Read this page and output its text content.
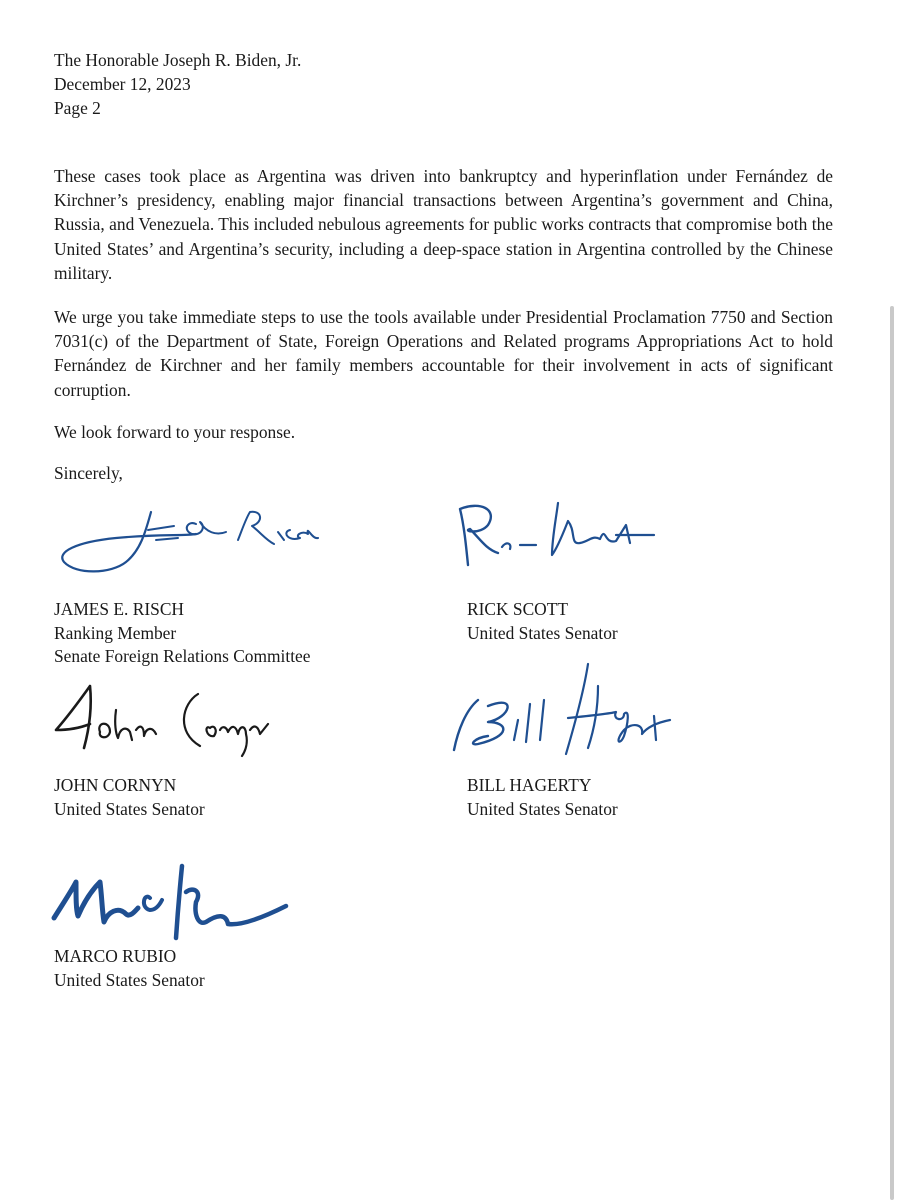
The Honorable Joseph R. Biden, Jr.
December 12, 2023
Page 2

These cases took place as Argentina was driven into bankruptcy and hyperinflation under Fernández de Kirchner’s presidency, enabling major financial transactions between Argentina’s government and China, Russia, and Venezuela. This included nebulous agreements for public works contracts that compromise both the United States’ and Argentina’s security, including a deep-space station in Argentina controlled by the Chinese military.

We urge you take immediate steps to use the tools available under Presidential Proclamation 7750 and Section 7031(c) of the Department of State, Foreign Operations and Related programs Appropriations Act to hold Fernández de Kirchner and her family members accountable for their involvement in acts of significant corruption.

We look forward to your response.

Sincerely,

JAMES E. RISCH
Ranking Member
Senate Foreign Relations Committee
RICK SCOTT
United States Senator
JOHN CORNYN
United States Senator
BILL HAGERTY
United States Senator
MARCO RUBIO
United States Senator
